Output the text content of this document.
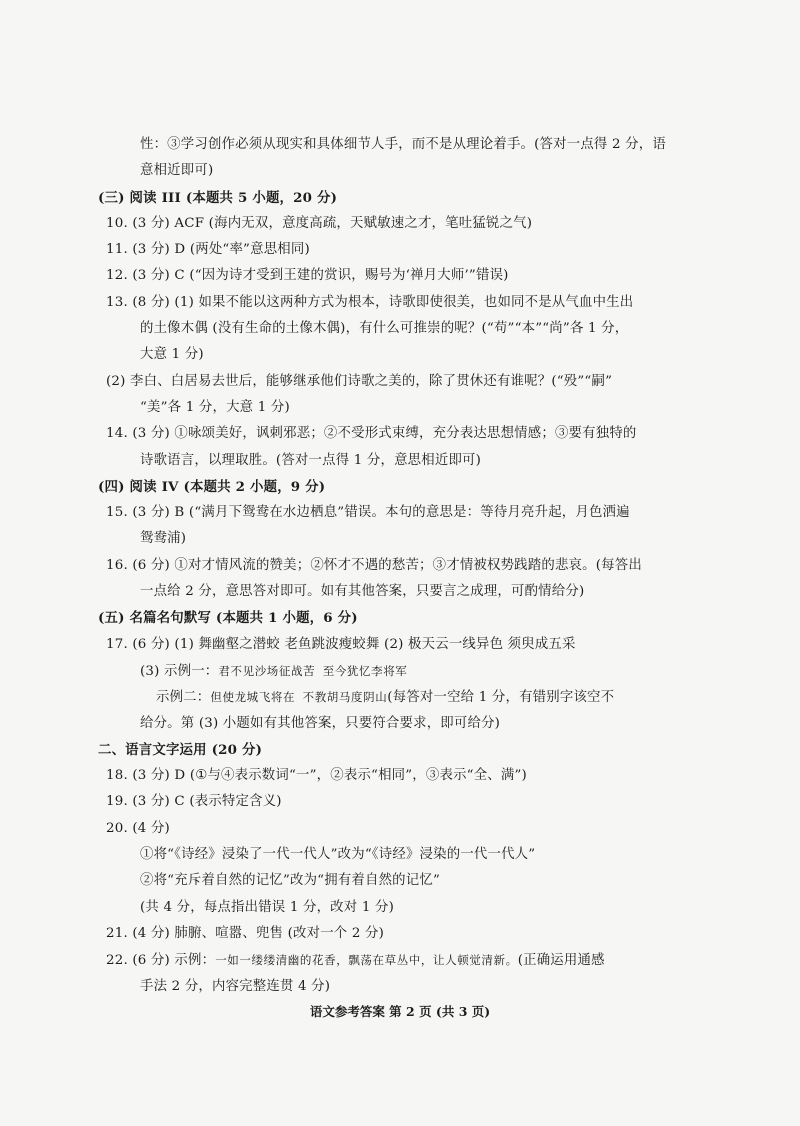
性：③学习创作必须从现实和具体细节人手，而不是从理论着手。(答对一点得 2 分，语
意相近即可)
(三) 阅读 III (本题共 5 小题，20 分)
10. (3 分) ACF (海内无双，意度高疏，天赋敏速之才，笔吐猛锐之气)
11. (3 分) D (两处“率”意思相同)
12. (3 分) C (“因为诗才受到王建的赏识，赐号为‘禅月大师’”错误)
13. (8 分) (1) 如果不能以这两种方式为根本，诗歌即使很美，也如同不是从气血中生出
的土像木偶 (没有生命的土像木偶)，有什么可推崇的呢？(“苟”“本”“尚”各 1 分，
大意 1 分)
(2) 李白、白居易去世后，能够继承他们诗歌之美的，除了贯休还有谁呢？(“殁”“嗣”
“美”各 1 分，大意 1 分)
14. (3 分) ①咏颂美好，讽刺邪恶；②不受形式束缚，充分表达思想情感；③要有独特的
诗歌语言，以理取胜。(答对一点得 1 分，意思相近即可)
(四) 阅读 IV (本题共 2 小题，9 分)
15. (3 分) B (“满月下鸳鸯在水边栖息”错误。本句的意思是：等待月亮升起，月色洒遍
鸳鸯浦)
16. (6 分) ①对才情风流的赞美；②怀才不遇的愁苦；③才情被权势践踏的悲哀。(每答出
一点给 2 分，意思答对即可。如有其他答案，只要言之成理，可酌情给分)
(五) 名篇名句默写 (本题共 1 小题，6 分)
17. (6 分) (1) 舞幽壑之潜蛟 老鱼跳波瘦蛟舞 (2) 极天云一线异色 须臾成五采
(3) 示例一：君不见沙场征战苦 至今犹忆李将军
示例二：但使龙城飞将在 不教胡马度阴山(每答对一空给 1 分，有错别字该空不
给分。第 (3) 小题如有其他答案，只要符合要求，即可给分)
二、语言文字运用 (20 分)
18. (3 分) D (①与④表示数词“一”，②表示“相同”，③表示“全、满”)
19. (3 分) C (表示特定含义)
20. (4 分)
①将“《诗经》浸染了一代一代人”改为“《诗经》浸染的一代一代人”
②将“充斥着自然的记忆”改为“拥有着自然的记忆”
(共 4 分，每点指出错误 1 分，改对 1 分)
21. (4 分) 肺腑、喧嚣、兜售 (改对一个 2 分)
22. (6 分) 示例：一如一缕缕清幽的花香，飘荡在草丛中，让人顿觉清新。(正确运用通感
手法 2 分，内容完整连贯 4 分)
语文参考答案 第 2 页 (共 3 页)
